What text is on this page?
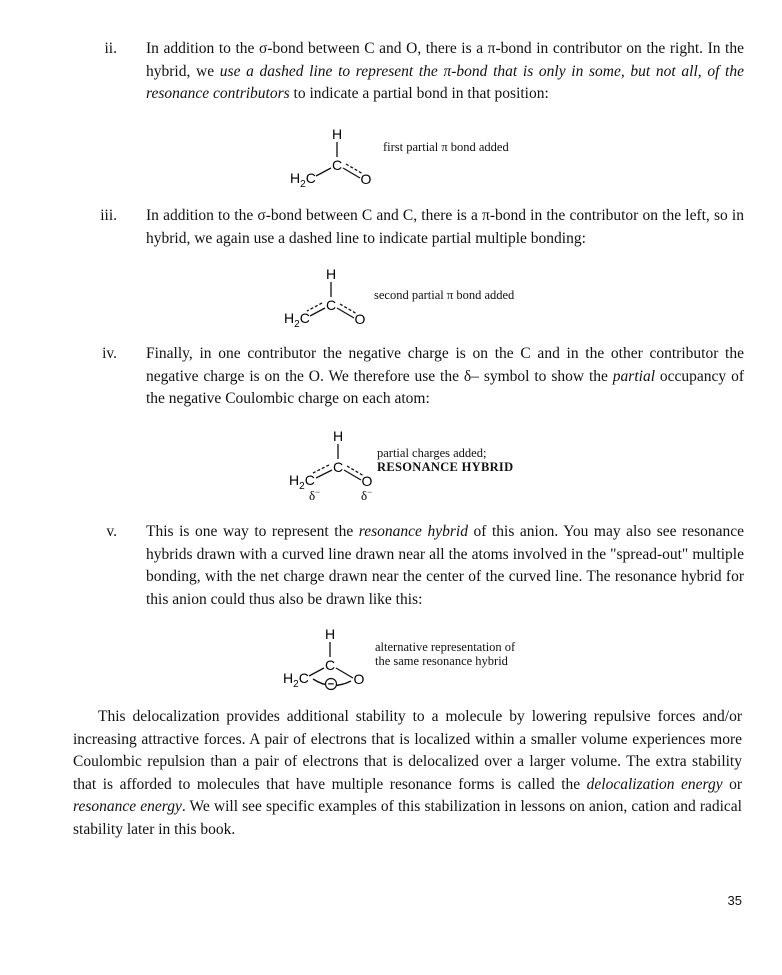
ii. In addition to the σ-bond between C and O, there is a π-bond in contributor on the right. In the hybrid, we use a dashed line to represent the π-bond that is only in some, but not all, of the resonance contributors to indicate a partial bond in that position:
H
C
O
$H_2C$
first partial π bond added
iii. In addition to the σ-bond between C and C, there is a π-bond in the contributor on the left, so in hybrid, we again use a dashed line to indicate partial multiple bonding:
H
C
O
$H_2C$
second partial π bond added
iv. Finally, in one contributor the negative charge is on the C and in the other contributor the negative charge is on the O. We therefore use the δ– symbol to show the partial occupancy of the negative Coulombic charge on each atom:
H
C
O
$H_2C$
δ−	δ−
partial charges added;
RESONANCE HYBRID
v. This is one way to represent the resonance hybrid of this anion. You may also see resonance hybrids drawn with a curved line drawn near all the atoms involved in the "spread-out" multiple bonding, with the net charge drawn near the center of the curved line. The resonance hybrid for this anion could thus also be drawn like this:
H
C
O
$H_2C$ −
alternative representation of
the same resonance hybrid
This delocalization provides additional stability to a molecule by lowering repulsive forces and/or increasing attractive forces. A pair of electrons that is localized within a smaller volume experiences more Coulombic repulsion than a pair of electrons that is delocalized over a larger volume. The extra stability that is afforded to molecules that have multiple resonance forms is called the delocalization energy or resonance energy. We will see specific examples of this stabilization in lessons on anion, cation and radical stability later in this book.
35
